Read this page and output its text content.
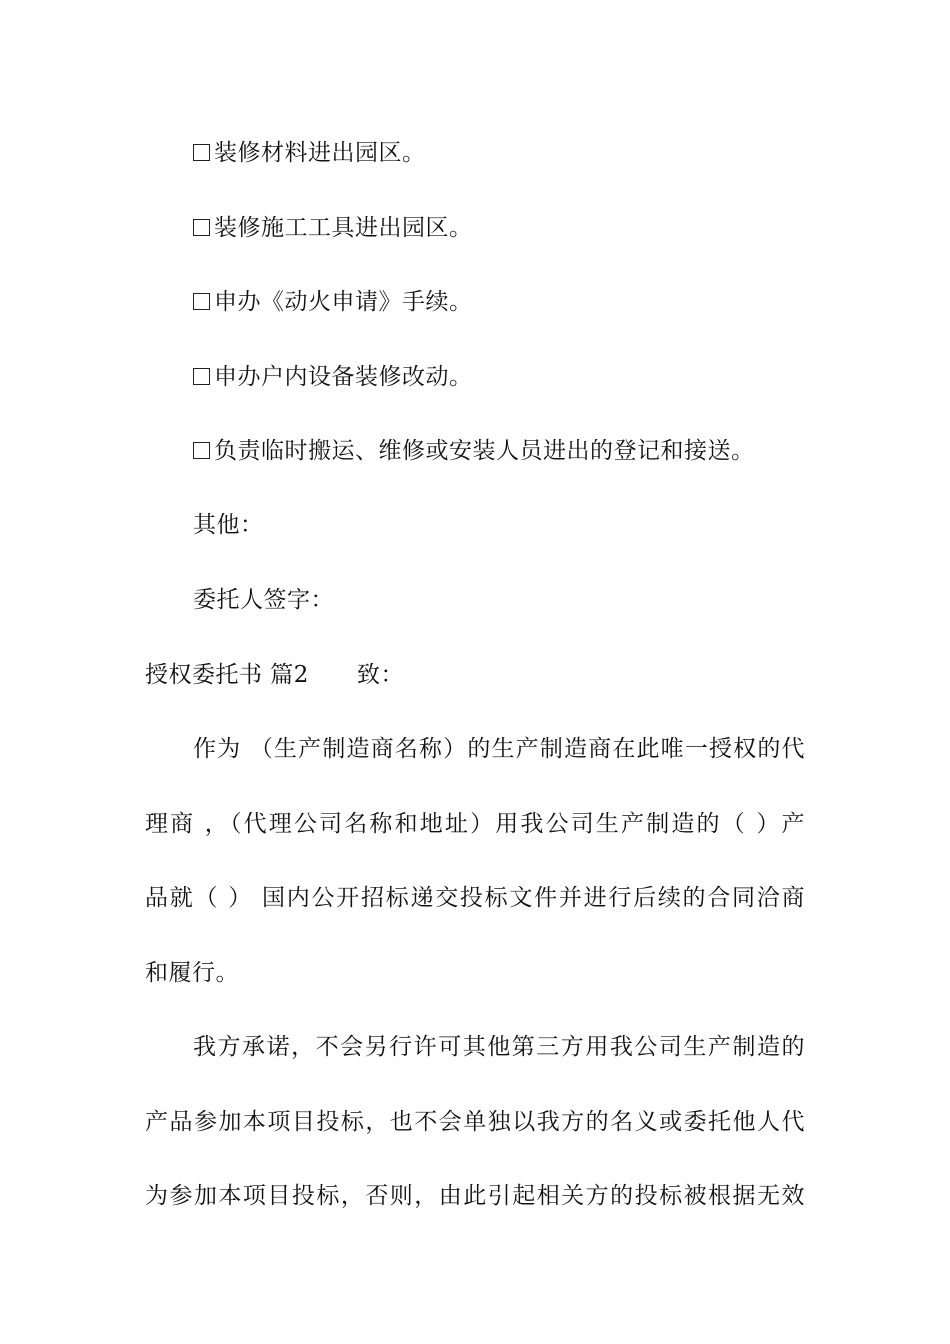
装修材料进出园区。
装修施工工具进出园区。
申办《动火申请》手续。
申办户内设备装修改动。
负责临时搬运、维修或安装人员进出的登记和接送。
其他：
委托人签字：
授权委托书 篇2 致：
作为 （生产制造商名称）的生产制造商在此唯一授权的代
理商 ，（代理公司名称和地址）用我公司生产制造的（ ）产
品就（ ） 国内公开招标递交投标文件并进行后续的合同洽商
和履行。
我方承诺，不会另行许可其他第三方用我公司生产制造的
产品参加本项目投标，也不会单独以我方的名义或委托他人代
为参加本项目投标，否则，由此引起相关方的投标被根据无效
